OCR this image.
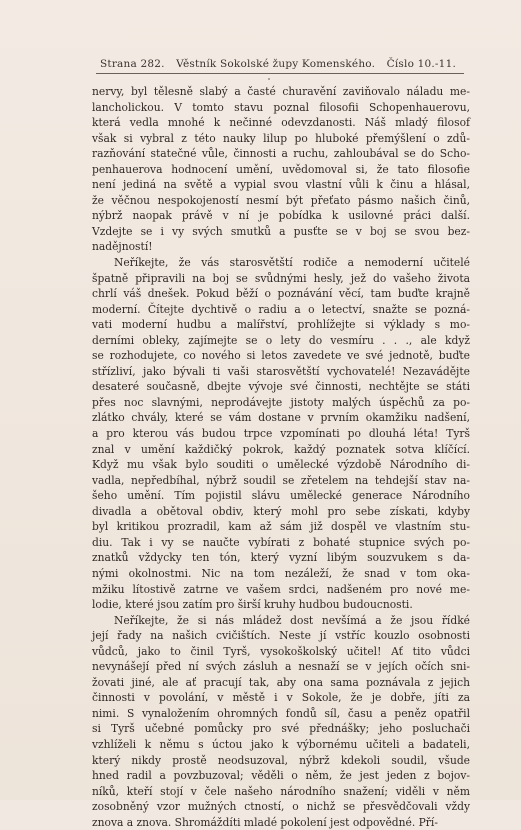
Strana 282. Věstník Sokolské župy Komenského. Číslo 10.-11.

nervy, byl tělesně slabý a časté churavění zaviňovalo náladu me-
lancholickou. V tomto stavu poznal filosofii Schopenhauerovu,
která vedla mnohé k nečinné odevzdanosti. Náš mladý filosof
však si vybral z této nauky lilup po hluboké přemýšlení o zdů-
razňování statečné vůle, činnosti a ruchu, zahloubával se do Scho-
penhauerova hodnocení umění, uvědomoval si, že tato filosofie
není jediná na světě a vypial svou vlastní vůli k činu a hlásal,
že věčnou nespokojeností nesmí být přeťato pásmo našich činů,
nýbrž naopak právě v ní je pobídka k usilovné práci další.
Vzdejte se i vy svých smutků a pusťte se v boj se svou bez-
nadějností!

Neříkejte, že vás starosvětští rodiče a nemoderní učitelé
špatně připravili na boj se svůdnými hesly, jež do vašeho života
chrlí váš dnešek. Pokud běží o poznávání věcí, tam buďte krajně
moderní. Čítejte dychtivě o radiu a o letectví, snažte se pozná-
vati moderní hudbu a malířství, prohlížejte si výklady s mo-
derními obleky, zajímejte se o lety do vesmíru . . ., ale když
se rozhodujete, co nového si letos zavedete ve své jednotě, buďte
střízliví, jako bývali ti vaši starosvětští vychovatelé! Nezavádějte
desateré současně, dbejte vývoje své činnosti, nechtějte se státi
přes noc slavnými, neprodávejte jistoty malých úspěchů za po-
zlátko chvály, které se vám dostane v prvním okamžiku nadšení,
a pro kterou vás budou trpce vzpomínati po dlouhá léta! Tyrš
znal v umění každičký pokrok, každý poznatek sotva klíčící.
Když mu však bylo souditi o umělecké výzdobě Národního di-
vadla, nepředbíhal, nýbrž soudil se zřetelem na tehdejší stav na-
šeho umění. Tím pojistil slávu umělecké generace Národního
divadla a obětoval obdiv, který mohl pro sebe získati, kdyby
byl kritikou prozradil, kam až sám již dospěl ve vlastním stu-
diu. Tak i vy se naučte vybírati z bohaté stupnice svých po-
znatků vždycky ten tón, který vyzní libým souzvukem s da-
nými okolnostmi. Nic na tom nezáleží, že snad v tom oka-
mžiku lítostivě zatrne ve vašem srdci, nadšeném pro nové me-
lodie, které jsou zatím pro širší kruhy hudbou budoucnosti.

Neříkejte, že si nás mládež dost nevšímá a že jsou řídké
její řady na našich cvičištích. Neste jí vstříc kouzlo osobnosti
vůdců, jako to činil Tyrš, vysokoškolský učitel! Ať tito vůdci
nevynášejí před ní svých zásluh a nesnaží se v jejích očích sni-
žovati jiné, ale ať pracují tak, aby ona sama poznávala z jejich
činnosti v povolání, v městě i v Sokole, že je dobře, jíti za
nimi. S vynaložením ohromných fondů síl, času a peněz opatřil
si Tyrš učebné pomůcky pro své přednášky; jeho posluchači
vzhlíželi k němu s úctou jako k výbornému učiteli a badateli,
který nikdy prostě neodsuzoval, nýbrž kdekoli soudil, všude
hned radil a povzbuzoval; věděli o něm, že jest jeden z bojov-
níků, kteří stojí v čele našeho národního snažení; viděli v něm
zosobněný vzor mužných ctností, o nichž se přesvědčovali vždy
znova a znova. Shromáždíti mladé pokolení jest odpovědné. Pří-
